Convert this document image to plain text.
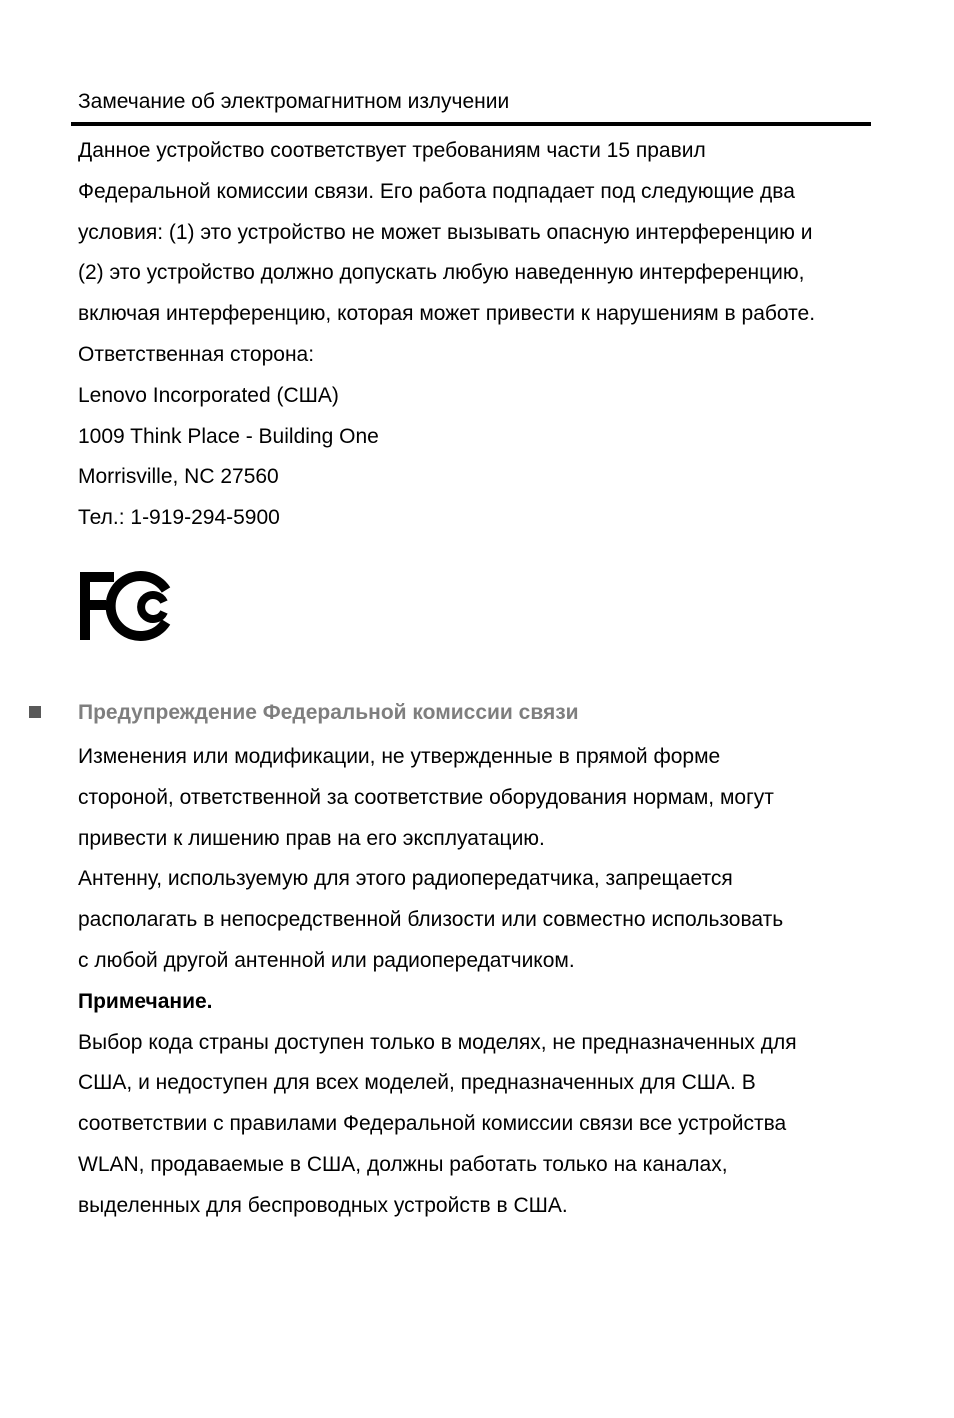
Замечание об электромагнитном излучении
Данное устройство соответствует требованиям части 15 правил
Федеральной комиссии связи. Его работа подпадает под следующие два
условия: (1) это устройство не может вызывать опасную интерференцию и
(2) это устройство должно допускать любую наведенную интерференцию,
включая интерференцию, которая может привести к нарушениям в работе.
Ответственная сторона:
Lenovo Incorporated (США)
1009 Think Place - Building One
Morrisville, NC 27560
Тел.: 1-919-294-5900
Предупреждение Федеральной комиссии связи
Изменения или модификации, не утвержденные в прямой форме
стороной, ответственной за соответствие оборудования нормам, могут
привести к лишению прав на его эксплуатацию.
Антенну, используемую для этого радиопередатчика, запрещается
располагать в непосредственной близости или совместно использовать
с любой другой антенной или радиопередатчиком.
Примечание.
Выбор кода страны доступен только в моделях, не предназначенных для
США, и недоступен для всех моделей, предназначенных для США. В
соответствии с правилами Федеральной комиссии связи все устройства
WLAN, продаваемые в США, должны работать только на каналах,
выделенных для беспроводных устройств в США.
